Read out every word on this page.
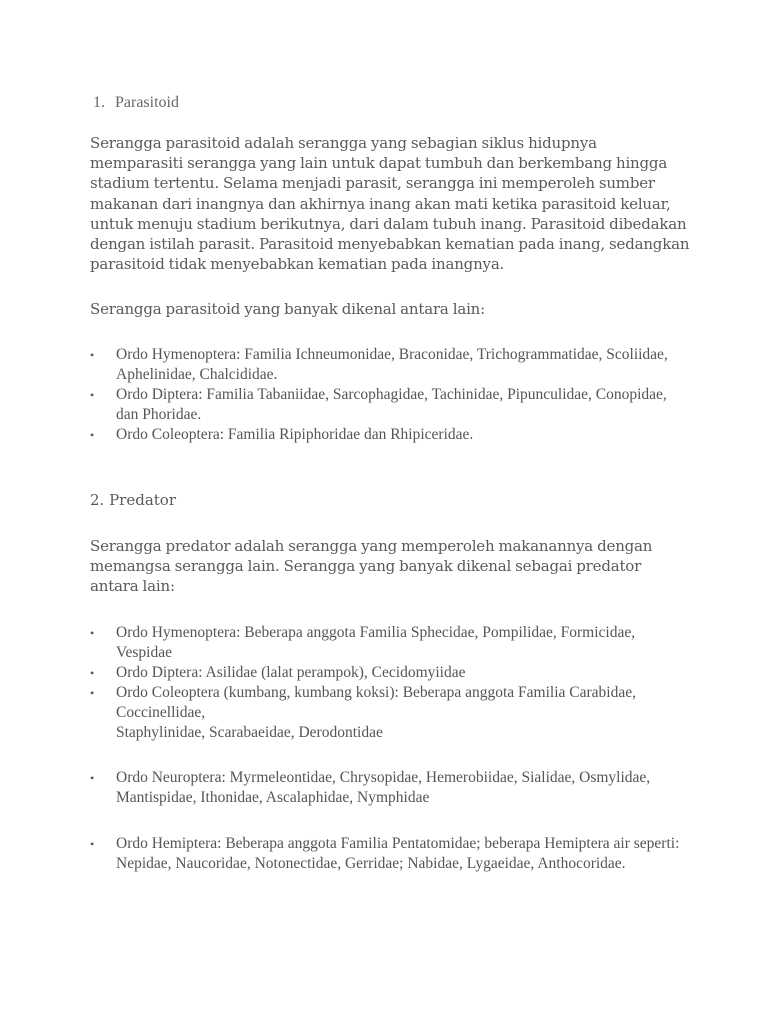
1. Parasitoid

Serangga parasitoid adalah serangga yang sebagian siklus hidupnya memparasiti serangga yang lain untuk dapat tumbuh dan berkembang hingga stadium tertentu. Selama menjadi parasit, serangga ini memperoleh sumber makanan dari inangnya dan akhirnya inang akan mati ketika parasitoid keluar, untuk menuju stadium berikutnya, dari dalam tubuh inang. Parasitoid dibedakan dengan istilah parasit. Parasitoid menyebabkan kematian pada inang, sedangkan parasitoid tidak menyebabkan kematian pada inangnya.

Serangga parasitoid yang banyak dikenal antara lain:

•	Ordo Hymenoptera: Familia Ichneumonidae, Braconidae, Trichogrammatidae, Scoliidae, Aphelinidae, Chalcididae.
•	Ordo Diptera: Familia Tabaniidae, Sarcophagidae, Tachinidae, Pipunculidae, Conopidae, dan Phoridae.
•	Ordo Coleoptera: Familia Ripiphoridae dan Rhipiceridae.
2. Predator

Serangga predator adalah serangga yang memperoleh makanannya dengan memangsa serangga lain. Serangga yang banyak dikenal sebagai predator antara lain:

•	Ordo Hymenoptera: Beberapa anggota Familia Sphecidae, Pompilidae, Formicidae, Vespidae
•	Ordo Diptera: Asilidae (lalat perampok), Cecidomyiidae
•	Ordo Coleoptera (kumbang, kumbang koksi): Beberapa anggota Familia Carabidae, Coccinellidae,
Staphylinidae, Scarabaeidae, Derodontidae
•	Ordo Neuroptera: Myrmeleontidae, Chrysopidae, Hemerobiidae, Sialidae, Osmylidae, Mantispidae, Ithonidae, Ascalaphidae, Nymphidae
•	Ordo Hemiptera: Beberapa anggota Familia Pentatomidae; beberapa Hemiptera air seperti: Nepidae, Naucoridae, Notonectidae, Gerridae; Nabidae, Lygaeidae, Anthocoridae.
